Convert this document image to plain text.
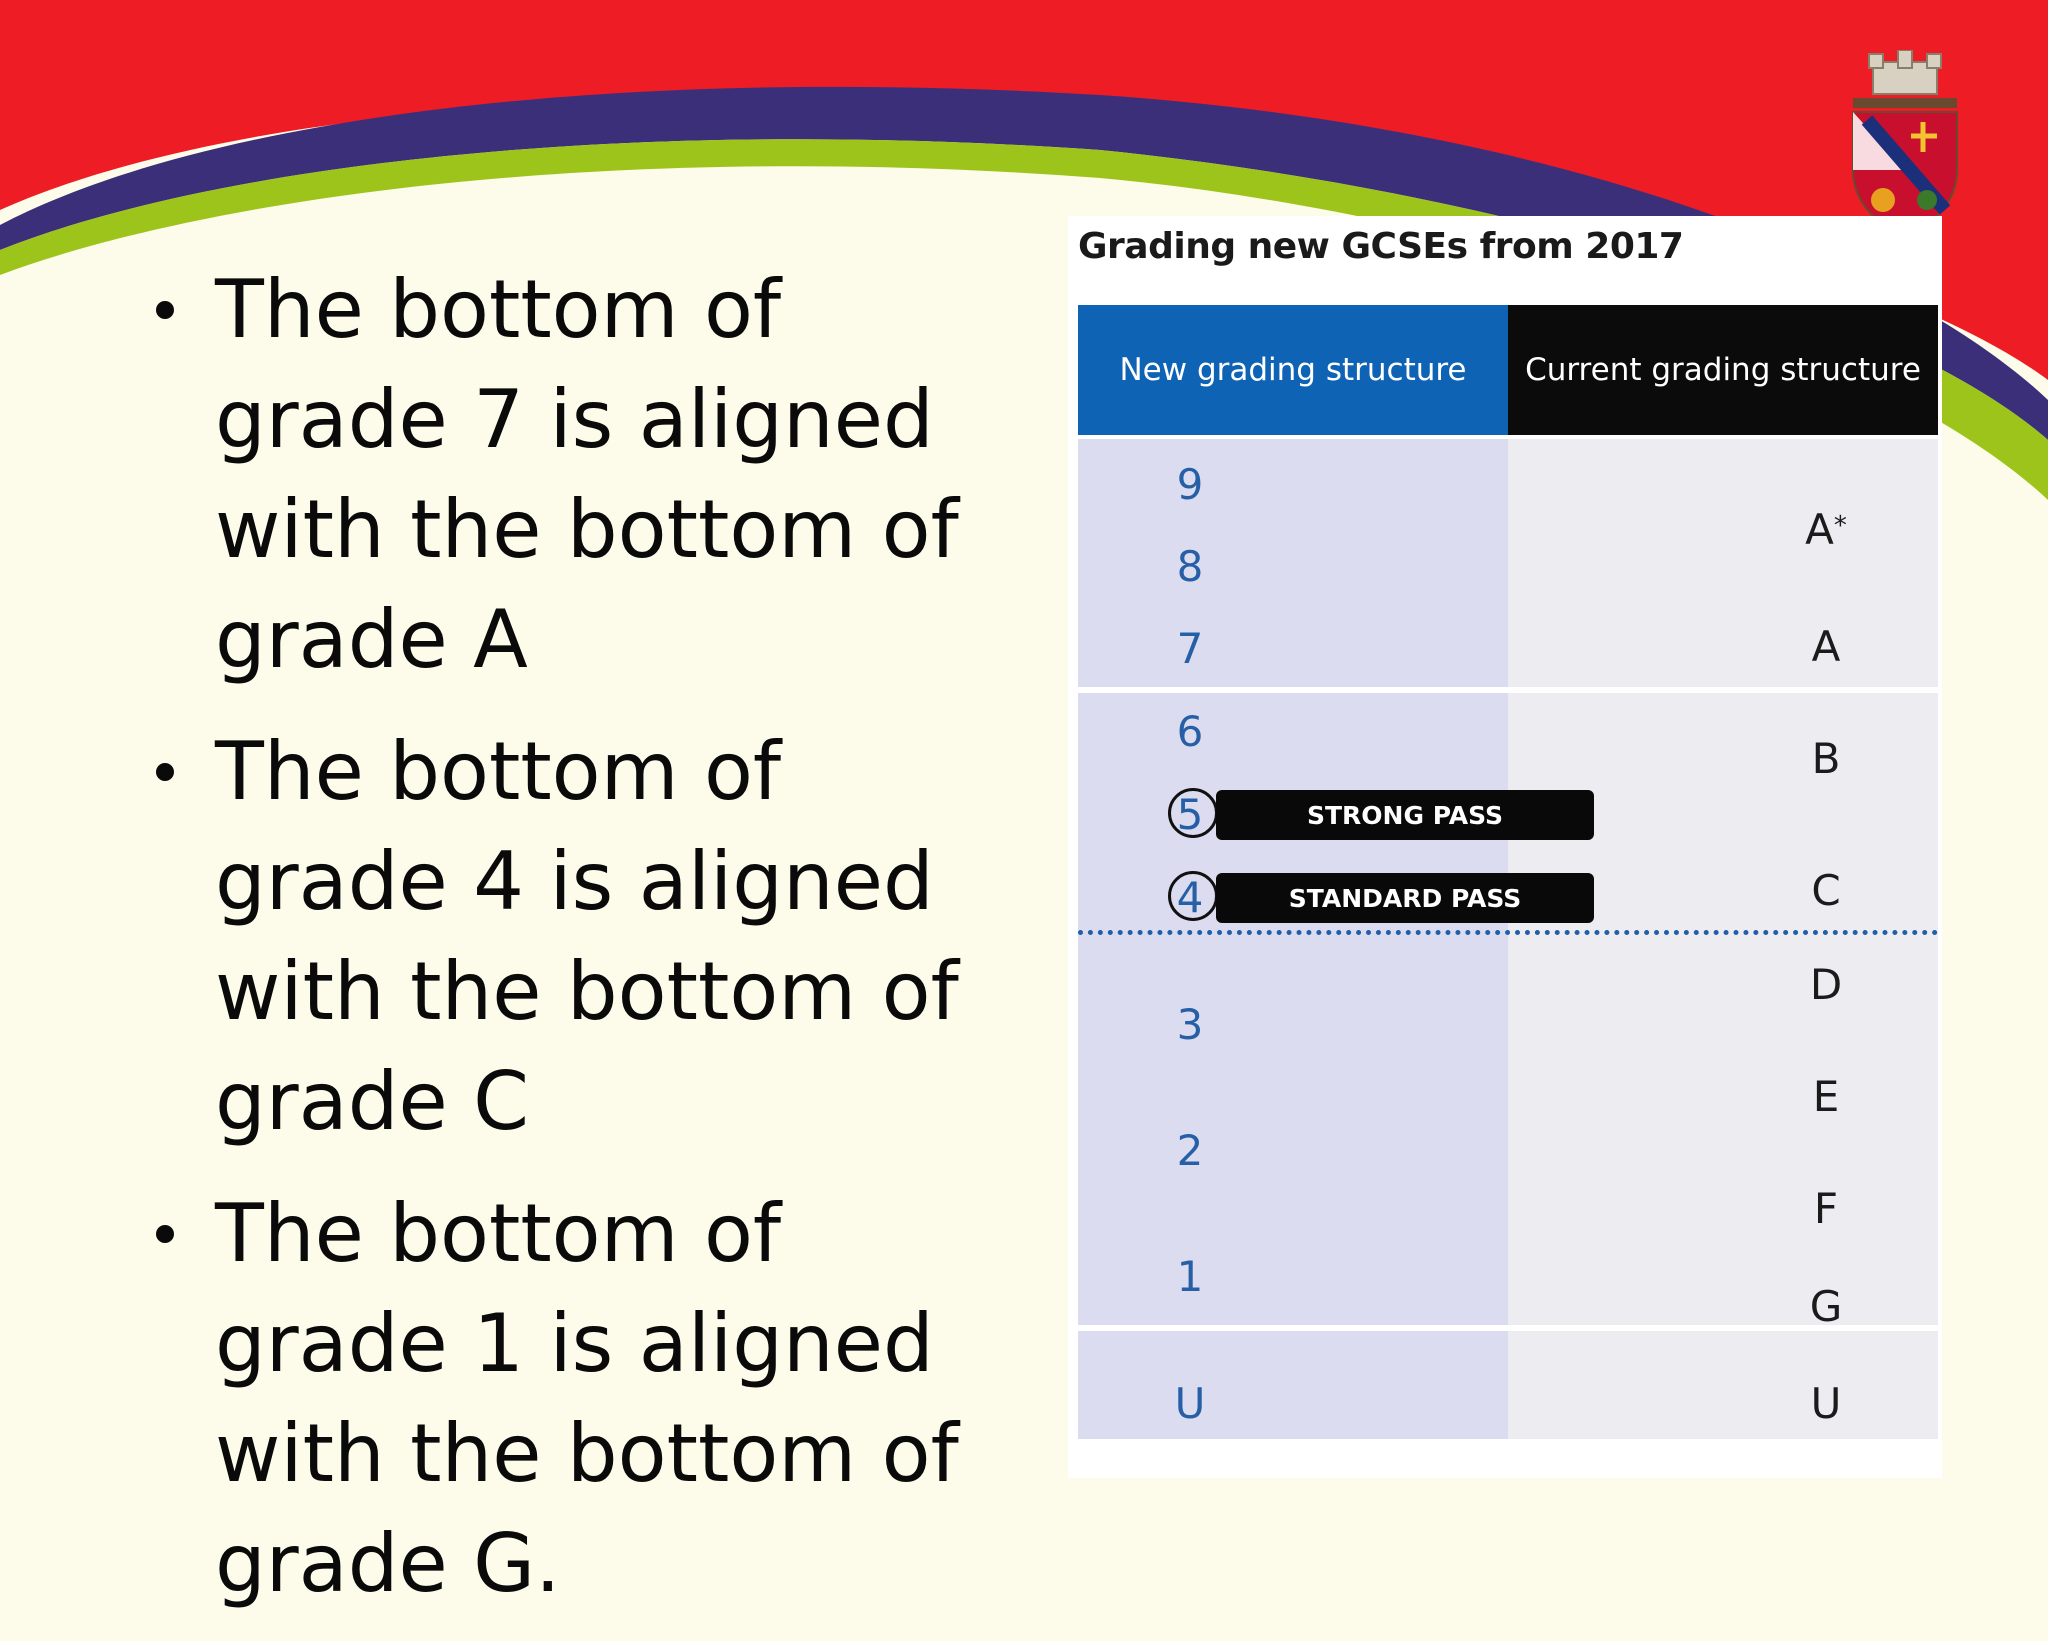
The bottom of grade 7 is aligned with the bottom of grade A
The bottom of grade 4 is aligned with the bottom of grade C
The bottom of grade 1 is aligned with the bottom of grade G.
Grading new GCSEs from 2017
New grading structure	Current grading structure
9
8
7
6
5
4
3
2
1
U
STRONG PASS
STANDARD PASS
A*
A
B
C
D
E
F
G
U
